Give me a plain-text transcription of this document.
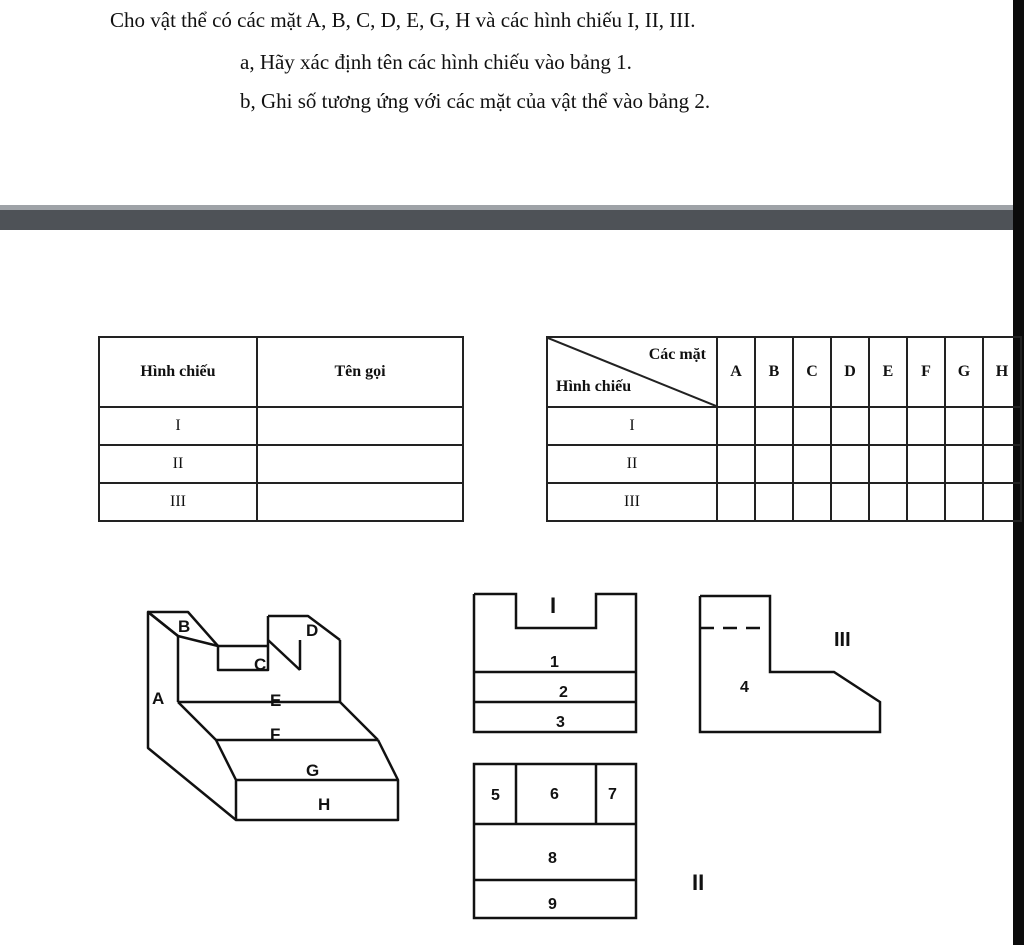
Cho vật thể có các mặt A, B, C, D, E, G, H và các hình chiếu I, II, III.
a, Hãy xác định tên các hình chiếu vào bảng 1.
b, Ghi số tương ứng với các mặt của vật thể vào bảng 2.
Hình chiếu	Tên gọi
I	
II	
III	
Các mặt
Hình chiếu	A	B	C	D	E	F	G	H
I								
II								
III								
B	D
C
A	E
F
G
H
I
1
2
3
5	6	7
8
9
II
4
III
